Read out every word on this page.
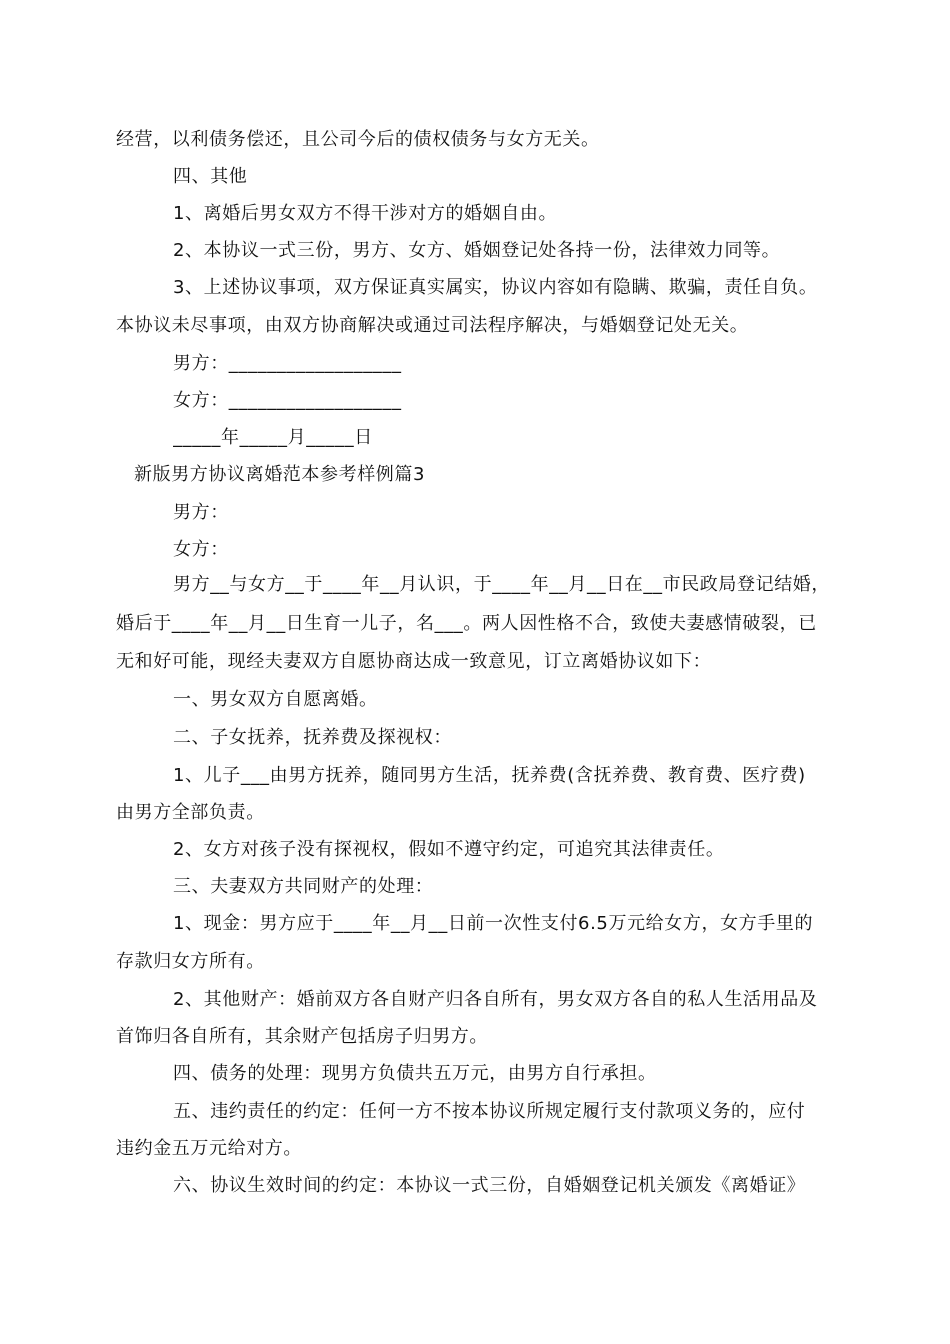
经营，以利债务偿还，且公司今后的债权债务与女方无关。
四、其他
1、离婚后男女双方不得干涉对方的婚姻自由。
2、本协议一式三份，男方、女方、婚姻登记处各持一份，法律效力同等。
3、上述协议事项，双方保证真实属实，协议内容如有隐瞒、欺骗，责任自负。
本协议未尽事项，由双方协商解决或通过司法程序解决，与婚姻登记处无关。
男方：__________________
女方：__________________
_____年_____月_____日
新版男方协议离婚范本参考样例篇3
男方：
女方：
男方__与女方__于____年__月认识，于____年__月__日在__市民政局登记结婚，
婚后于____年__月__日生育一儿子，名___。两人因性格不合，致使夫妻感情破裂，已
无和好可能，现经夫妻双方自愿协商达成一致意见，订立离婚协议如下：
一、男女双方自愿离婚。
二、子女抚养，抚养费及探视权：
1、儿子___由男方抚养，随同男方生活，抚养费(含抚养费、教育费、医疗费)
由男方全部负责。
2、女方对孩子没有探视权，假如不遵守约定，可追究其法律责任。
三、夫妻双方共同财产的处理：
1、现金：男方应于____年__月__日前一次性支付6.5万元给女方，女方手里的
存款归女方所有。
2、其他财产：婚前双方各自财产归各自所有，男女双方各自的私人生活用品及
首饰归各自所有，其余财产包括房子归男方。
四、债务的处理：现男方负债共五万元，由男方自行承担。
五、违约责任的约定：任何一方不按本协议所规定履行支付款项义务的，应付
违约金五万元给对方。
六、协议生效时间的约定：本协议一式三份，自婚姻登记机关颁发《离婚证》
